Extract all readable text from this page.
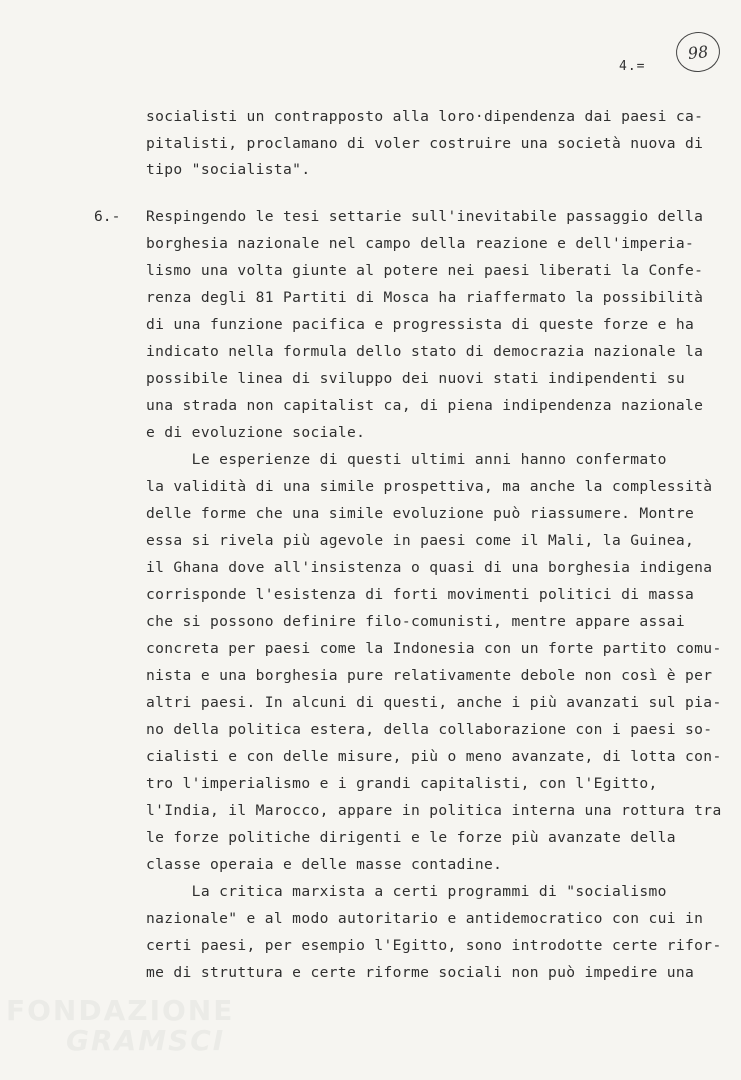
4.=
98
socialisti un contrapposto alla loro·dipendenza dai paesi ca-
pitalisti, proclamano di voler costruire una società nuova di
tipo "socialista".
6.- Respingendo le tesi settarie sull'inevitabile passaggio della
borghesia nazionale nel campo della reazione e dell'imperia-
lismo una volta giunte al potere nei paesi liberati la Confe-
renza degli 81 Partiti di Mosca ha riaffermato la possibilità
di una funzione pacifica e progressista di queste forze e ha
indicato nella formula dello stato di democrazia nazionale la
possibile linea di sviluppo dei nuovi stati indipendenti su
una strada non capitalist ca, di piena indipendenza nazionale
e di evoluzione sociale.
Le esperienze di questi ultimi anni hanno confermato
la validità di una simile prospettiva, ma anche la complessità
delle forme che una simile evoluzione può riassumere. Montre
essa si rivela più agevole in paesi come il Mali, la Guinea,
il Ghana dove all'insistenza o quasi di una borghesia indigena
corrisponde l'esistenza di forti movimenti politici di massa
che si possono definire filo-comunisti, mentre appare assai
concreta per paesi come la Indonesia con un forte partito comu-
nista e una borghesia pure relativamente debole non così è per
altri paesi. In alcuni di questi, anche i più avanzati sul pia-
no della politica estera, della collaborazione con i paesi so-
cialisti e con delle misure, più o meno avanzate, di lotta con-
tro l'imperialismo e i grandi capitalisti, con l'Egitto,
l'India, il Marocco, appare in politica interna una rottura tra
le forze politiche dirigenti e le forze più avanzate della
classe operaia e delle masse contadine.
La critica marxista a certi programmi di "socialismo
nazionale" e al modo autoritario e antidemocratico con cui in
certi paesi, per esempio l'Egitto, sono introdotte certe rifor-
me di struttura e certe riforme sociali non può impedire una
FONDAZIONE
GRAMSCI
